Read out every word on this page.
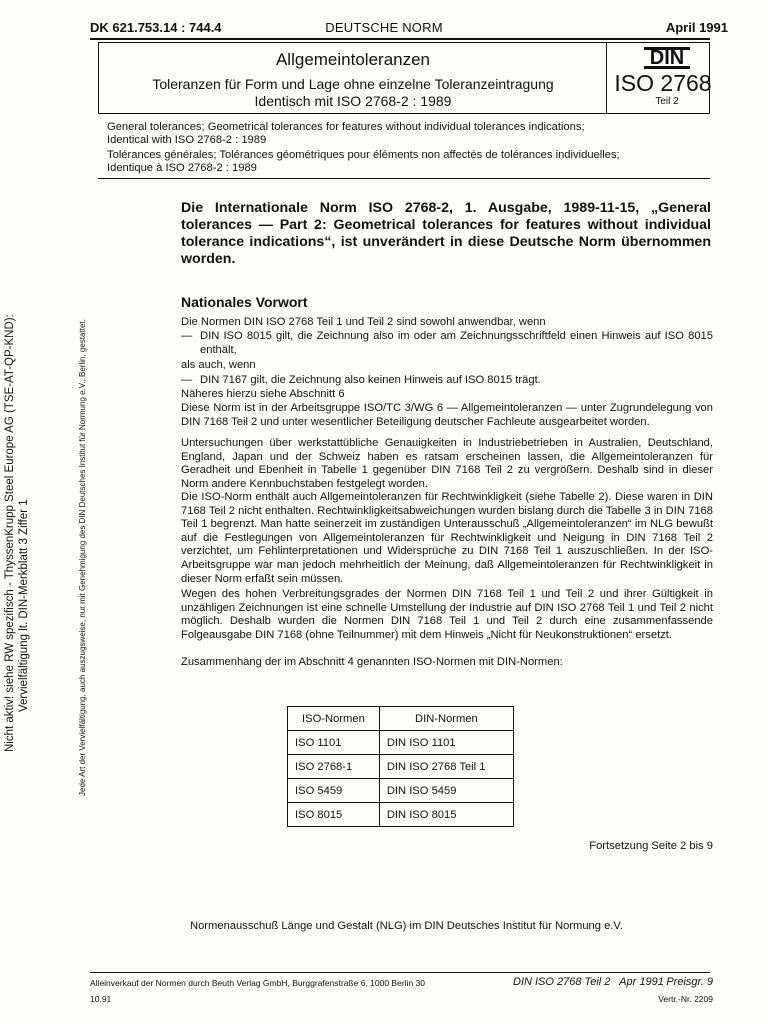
DK 621.753.14 : 744.4	DEUTSCHE NORM	April 1991
Allgemeintoleranzen
Toleranzen für Form und Lage ohne einzelne Toleranzeintragung
Identisch mit ISO 2768-2 : 1989
DIN
ISO 2768
Teil 2
General tolerances; Geometrical tolerances for features without individual tolerances indications;
Identical with ISO 2768-2 : 1989
Tolérances générales; Tolérances géométriques pour éléments non affectés de tolérances individuelles;
Identique à ISO 2768-2 : 1989
Die Internationale Norm ISO 2768-2, 1. Ausgabe, 1989-11-15, „General tolerances — Part 2: Geometrical tolerances for features without individual tolerance indications“, ist unverändert in diese Deutsche Norm übernommen worden.
Nationales Vorwort
Die Normen DIN ISO 2768 Teil 1 und Teil 2 sind sowohl anwendbar, wenn
— DIN ISO 8015 gilt, die Zeichnung also im oder am Zeichnungsschriftfeld einen Hinweis auf ISO 8015 enthält,
als auch, wenn
— DIN 7167 gilt, die Zeichnung also keinen Hinweis auf ISO 8015 trägt.
Näheres hierzu siehe Abschnitt 6
Diese Norm ist in der Arbeitsgruppe ISO/TC 3/WG 6 — Allgemeintoleranzen — unter Zugrundelegung von DIN 7168 Teil 2 und unter wesentlicher Beteiligung deutscher Fachleute ausgearbeitet worden.
Untersuchungen über werkstattübliche Genauigkeiten in Industriebetrieben in Australien, Deutschland, England, Japan und der Schweiz haben es ratsam erscheinen lassen, die Allgemeintoleranzen für Geradheit und Ebenheit in Tabelle 1 gegenüber DIN 7168 Teil 2 zu vergrößern. Deshalb sind in dieser Norm andere Kennbuchstaben festgelegt worden.
Die ISO-Norm enthält auch Allgemeintoleranzen für Rechtwinkligkeit (siehe Tabelle 2). Diese waren in DIN 7168 Teil 2 nicht enthalten. Rechtwinkligkeitsabweichungen wurden bislang durch die Tabelle 3 in DIN 7168 Teil 1 begrenzt. Man hatte seinerzeit im zuständigen Unterausschuß „Allgemeintoleranzen“ im NLG bewußt auf die Festlegungen von Allgemeintoleranzen für Rechtwinkligkeit und Neigung in DIN 7168 Teil 2 verzichtet, um Fehlinterpretationen und Widersprüche zu DIN 7168 Teil 1 auszuschließen. In der ISO-Arbeitsgruppe war man jedoch mehrheitlich der Meinung, daß Allgemeintoleranzen für Rechtwinkligkeit in dieser Norm erfaßt sein müssen.
Wegen des hohen Verbreitungsgrades der Normen DIN 7168 Teil 1 und Teil 2 und ihrer Gültigkeit in unzähligen Zeichnungen ist eine schnelle Umstellung der Industrie auf DIN ISO 2768 Teil 1 und Teil 2 nicht möglich. Deshalb wurden die Normen DIN 7168 Teil 1 und Teil 2 durch eine zusammenfassende Folgeausgabe DIN 7168 (ohne Teilnummer) mit dem Hinweis „Nicht für Neukonstruktionen“ ersetzt.
Zusammenhang der im Abschnitt 4 genannten ISO-Normen mit DIN-Normen:
ISO-Normen	DIN-Normen
ISO 1101	DIN ISO 1101
ISO 2768-1	DIN ISO 2768 Teil 1
ISO 5459	DIN ISO 5459
ISO 8015	DIN ISO 8015
Fortsetzung Seite 2 bis 9
Normenausschuß Länge und Gestalt (NLG) im DIN Deutsches Institut für Normung e.V.
Jede Art der Vervielfältigung, auch auszugsweise, nur mit Genehmigung des DIN Deutsches Institut für Normung e.V., Berlin, gestattet.
Nicht aktiv! siehe RW spezifisch - ThyssenKrupp Steel Europe AG (TSE-AT-QP-KND): Vervielfältigung lt. DIN-Merkblatt 3 Ziffer 1
Alleinverkauf der Normen durch Beuth Verlag GmbH, Burggrafenstraße 6, 1000 Berlin 30
10.91
DIN ISO 2768 Teil 2   Apr 1991 Preisgr. 9
Vertr.-Nr. 2209
